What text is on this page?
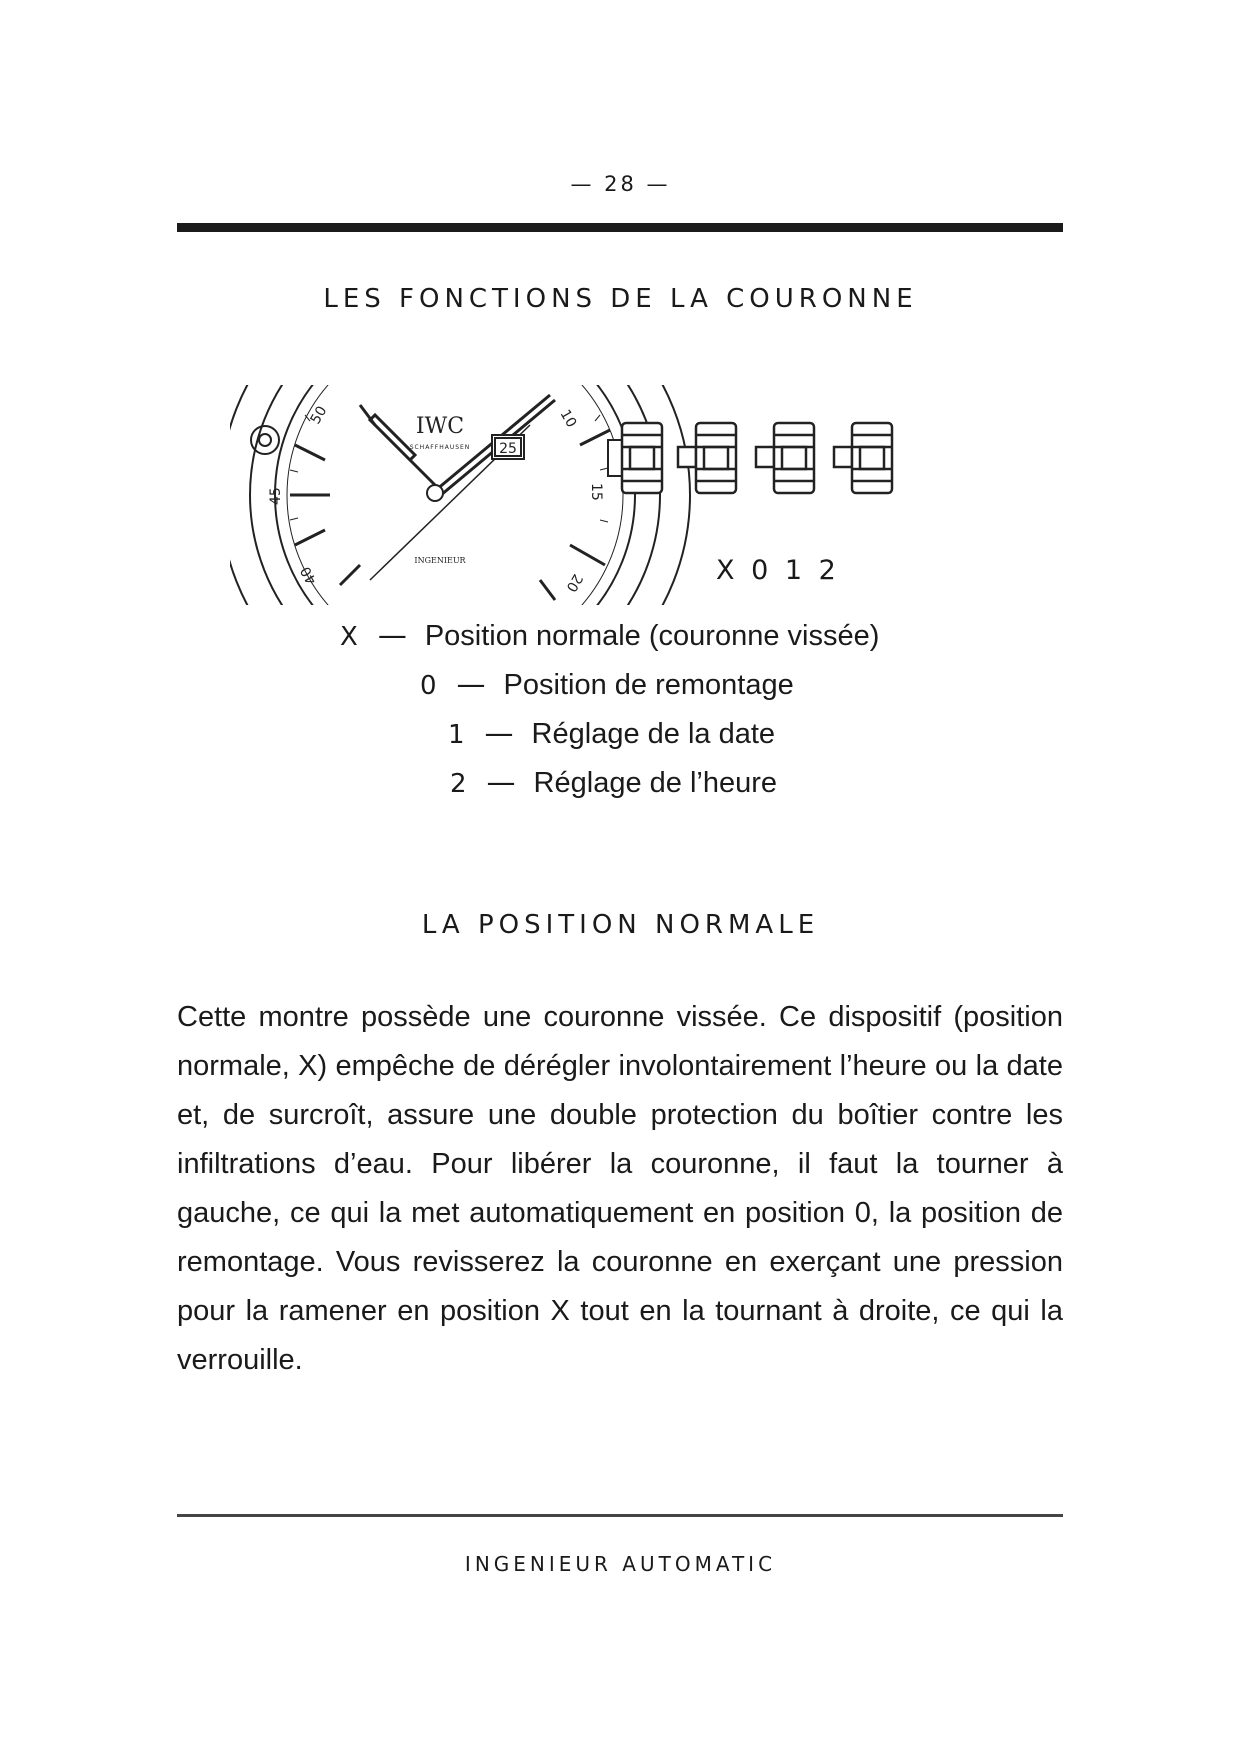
— 28 —
LES FONCTIONS DE LA COURONNE
IWC
SCHAFFHAUSEN
INGENIEUR
25
50
45
40
10
15
20	X 0 1 2
X — Position normale (couronne vissée)
0 — Position de remontage
1 — Réglage de la date
2 — Réglage de l’heure
LA POSITION NORMALE

Cette montre possède une couronne vissée. Ce dispositif (position normale, X) empêche de dérégler involontairement l’heure ou la date et, de surcroît, assure une double protection du boîtier contre les infiltrations d’eau. Pour libérer la couronne, il faut la tourner à gauche, ce qui la met automatiquement en position 0, la position de remontage. Vous revisserez la couronne en exerçant une pression pour la ramener en position X tout en la tournant à droite, ce qui la verrouille.

INGENIEUR AUTOMATIC
